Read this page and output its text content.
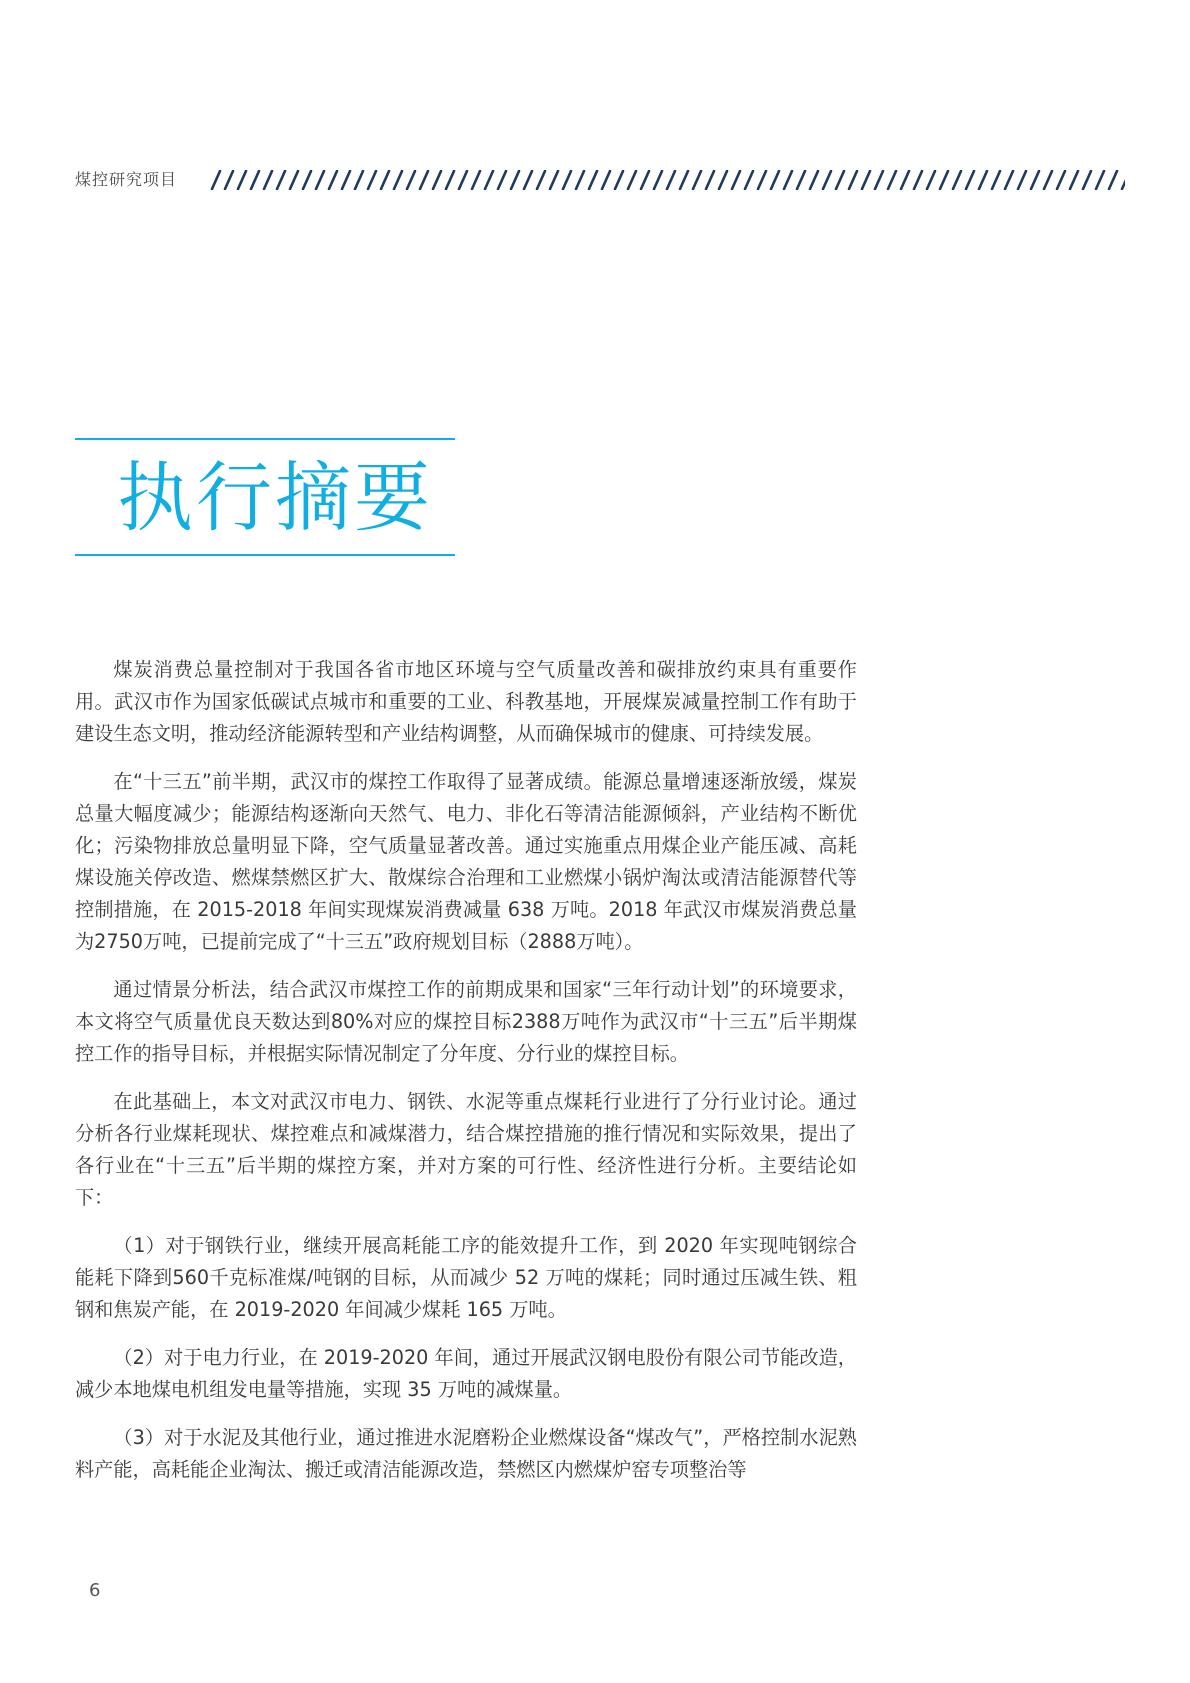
煤控研究项目
执行摘要

煤炭消费总量控制对于我国各省市地区环境与空气质量改善和碳排放约束具有重要作用。武汉市作为国家低碳试点城市和重要的工业、科教基地，开展煤炭减量控制工作有助于建设生态文明，推动经济能源转型和产业结构调整，从而确保城市的健康、可持续发展。

在“十三五”前半期，武汉市的煤控工作取得了显著成绩。能源总量增速逐渐放缓，煤炭总量大幅度减少；能源结构逐渐向天然气、电力、非化石等清洁能源倾斜，产业结构不断优化；污染物排放总量明显下降，空气质量显著改善。通过实施重点用煤企业产能压减、高耗煤设施关停改造、燃煤禁燃区扩大、散煤综合治理和工业燃煤小锅炉淘汰或清洁能源替代等控制措施，在 2015-2018 年间实现煤炭消费减量 638 万吨。2018 年武汉市煤炭消费总量为2750万吨，已提前完成了“十三五”政府规划目标（2888万吨）。

通过情景分析法，结合武汉市煤控工作的前期成果和国家“三年行动计划”的环境要求，本文将空气质量优良天数达到80%对应的煤控目标2388万吨作为武汉市“十三五”后半期煤控工作的指导目标，并根据实际情况制定了分年度、分行业的煤控目标。

在此基础上，本文对武汉市电力、钢铁、水泥等重点煤耗行业进行了分行业讨论。通过分析各行业煤耗现状、煤控难点和减煤潜力，结合煤控措施的推行情况和实际效果，提出了各行业在“十三五”后半期的煤控方案，并对方案的可行性、经济性进行分析。主要结论如下：

（1）对于钢铁行业，继续开展高耗能工序的能效提升工作，到 2020 年实现吨钢综合能耗下降到560千克标准煤/吨钢的目标，从而减少 52 万吨的煤耗；同时通过压减生铁、粗钢和焦炭产能，在 2019-2020 年间减少煤耗 165 万吨。

（2）对于电力行业，在 2019-2020 年间，通过开展武汉钢电股份有限公司节能改造，减少本地煤电机组发电量等措施，实现 35 万吨的减煤量。

（3）对于水泥及其他行业，通过推进水泥磨粉企业燃煤设备“煤改气”，严格控制水泥熟料产能，高耗能企业淘汰、搬迁或清洁能源改造，禁燃区内燃煤炉窑专项整治等

6
